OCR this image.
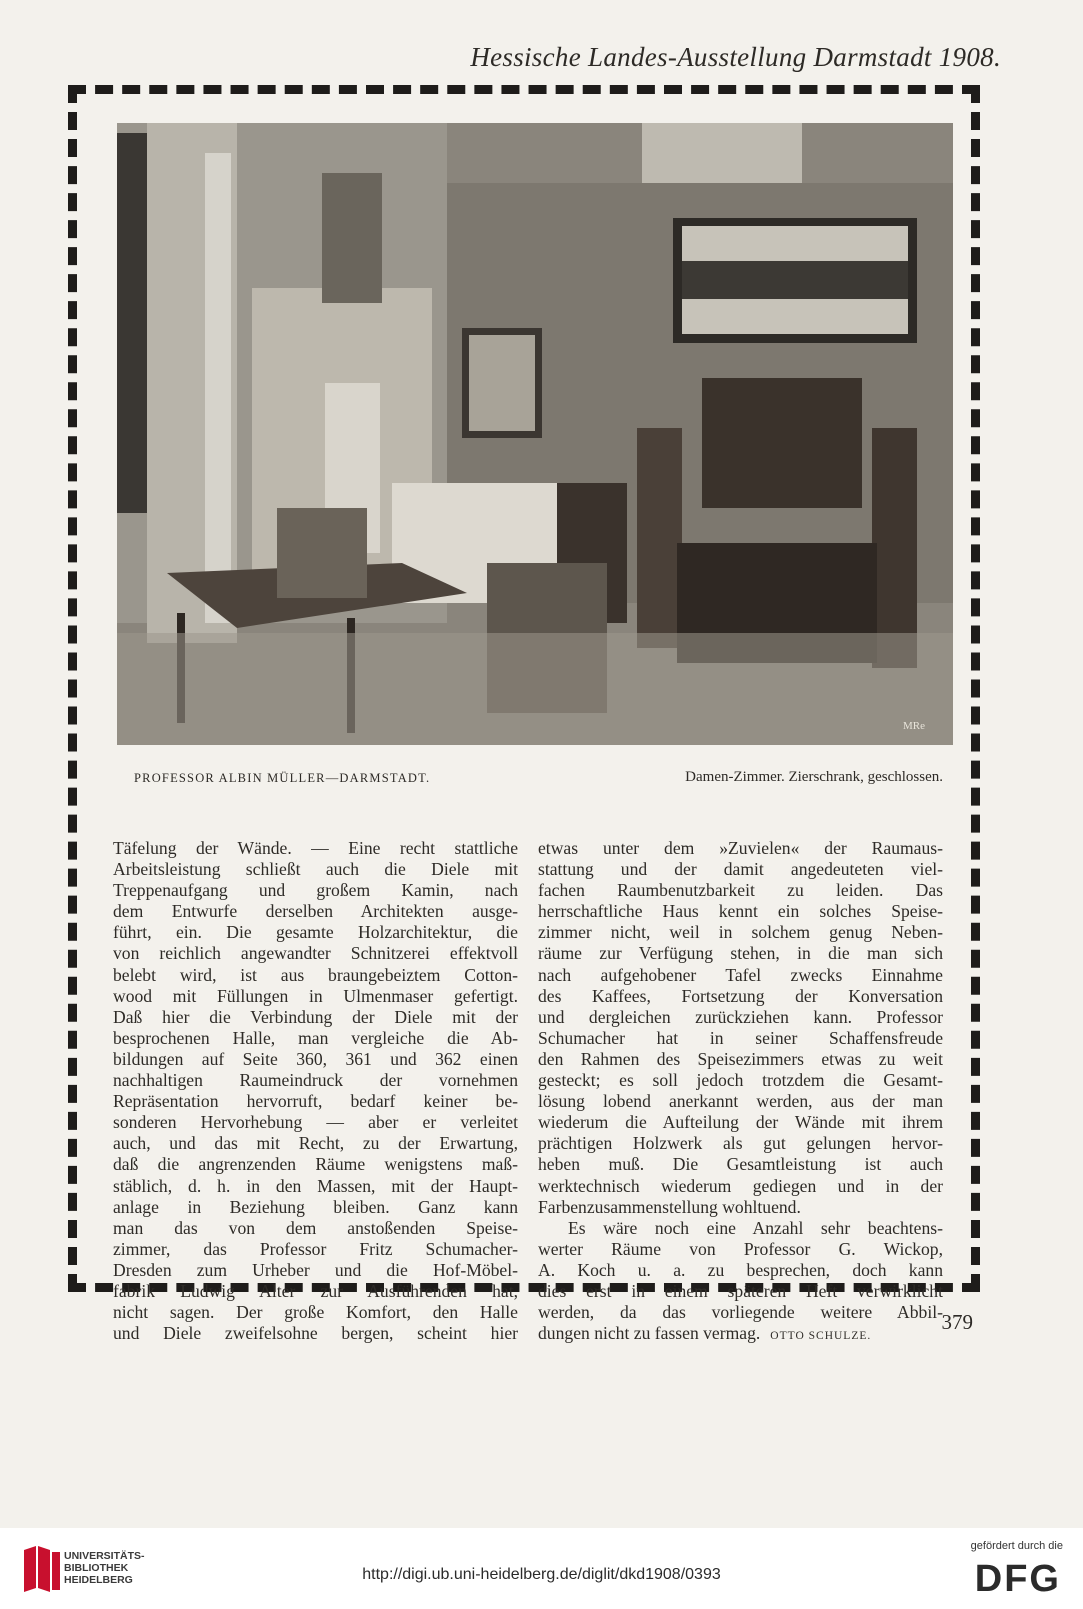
Hessische Landes-Ausstellung Darmstadt 1908.
MRe
PROFESSOR ALBIN MÜLLER—DARMSTADT.	Damen-Zimmer. Zierschrank, geschlossen.
Täfelung der Wände. — Eine recht stattliche
Arbeitsleistung schließt auch die Diele mit
Treppenaufgang und großem Kamin, nach
dem Entwurfe derselben Architekten ausge-
führt, ein. Die gesamte Holzarchitektur, die
von reichlich angewandter Schnitzerei effektvoll
belebt wird, ist aus braungebeiztem Cotton-
wood mit Füllungen in Ulmenmaser gefertigt.
Daß hier die Verbindung der Diele mit der
besprochenen Halle, man vergleiche die Ab-
bildungen auf Seite 360, 361 und 362 einen
nachhaltigen Raumeindruck der vornehmen
Repräsentation hervorruft, bedarf keiner be-
sonderen Hervorhebung — aber er verleitet
auch, und das mit Recht, zu der Erwartung,
daß die angrenzenden Räume wenigstens maß-
stäblich, d. h. in den Massen, mit der Haupt-
anlage in Beziehung bleiben. Ganz kann
man das von dem anstoßenden Speise-
zimmer, das Professor Fritz Schumacher-
Dresden zum Urheber und die Hof-Möbel-
fabrik Ludwig Alter zur Ausführenden hat,
nicht sagen. Der große Komfort, den Halle
und Diele zweifelsohne bergen, scheint hier
etwas unter dem »Zuvielen« der Raumaus-
stattung und der damit angedeuteten viel-
fachen Raumbenutzbarkeit zu leiden. Das
herrschaftliche Haus kennt ein solches Speise-
zimmer nicht, weil in solchem genug Neben-
räume zur Verfügung stehen, in die man sich
nach aufgehobener Tafel zwecks Einnahme
des Kaffees, Fortsetzung der Konversation
und dergleichen zurückziehen kann. Professor
Schumacher hat in seiner Schaffensfreude
den Rahmen des Speisezimmers etwas zu weit
gesteckt; es soll jedoch trotzdem die Gesamt-
lösung lobend anerkannt werden, aus der man
wiederum die Aufteilung der Wände mit ihrem
prächtigen Holzwerk als gut gelungen hervor-
heben muß. Die Gesamtleistung ist auch
werktechnisch wiederum gediegen und in der
Farbenzusammenstellung wohltuend.
Es wäre noch eine Anzahl sehr beachtens-
werter Räume von Professor G. Wickop,
A. Koch u. a. zu besprechen, doch kann
dies erst in einem späteren Heft verwirklicht
werden, da das vorliegende weitere Abbil-
dungen nicht zu fassen vermag. OTTO SCHULZE.
379
UNIVERSITÄTS-
BIBLIOTHEK
HEIDELBERG	http://digi.ub.uni-heidelberg.de/diglit/dkd1908/0393
gefördert durch die
DFG
